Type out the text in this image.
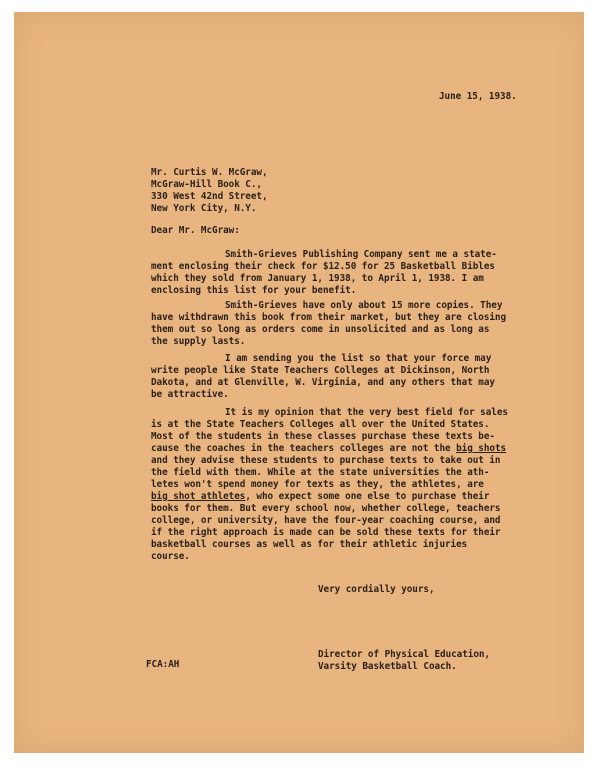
June 15, 1938.
Mr. Curtis W. McGraw,
McGraw-Hill Book C.,
330 West 42nd Street,
New York City, N.Y.
Dear Mr. McGraw:
Smith-Grieves Publishing Company sent me a state-
ment enclosing their check for $12.50 for 25 Basketball Bibles
which they sold from January 1, 1938, to April 1, 1938. I am
enclosing this list for your benefit.
Smith-Grieves have only about 15 more copies. They
have withdrawn this book from their market, but they are closing
them out so long as orders come in unsolicited and as long as
the supply lasts.
I am sending you the list so that your force may
write people like State Teachers Colleges at Dickinson, North
Dakota, and at Glenville, W. Virginia, and any others that may
be attractive.
It is my opinion that the very best field for sales
is at the State Teachers Colleges all over the United States.
Most of the students in these classes purchase these texts be-
cause the coaches in the teachers colleges are not the big shots
and they advise these students to purchase texts to take out in
the field with them. While at the state universities the ath-
letes won't spend money for texts as they, the athletes, are
big shot athletes, who expect some one else to purchase their
books for them. But every school now, whether college, teachers
college, or university, have the four-year coaching course, and
if the right approach is made can be sold these texts for their
basketball courses as well as for their athletic injuries
course.
Very cordially yours,
Director of Physical Education,
Varsity Basketball Coach.
FCA:AH
